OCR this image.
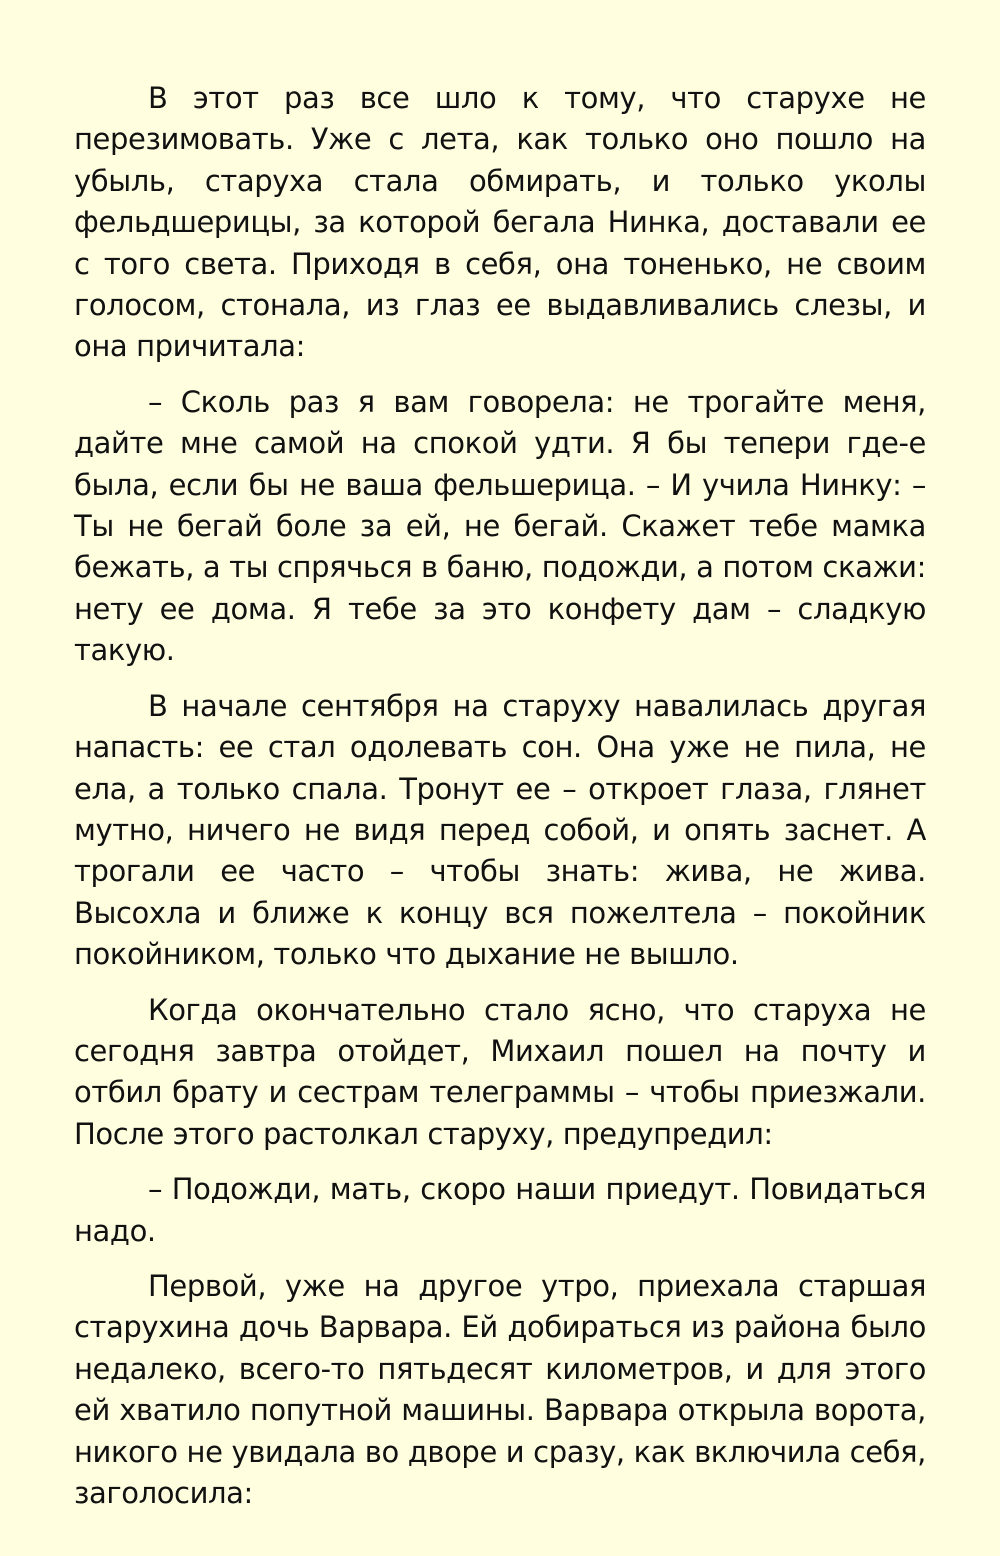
В этот раз все шло к тому, что старухе не перезимовать. Уже с лета, как только оно пошло на убыль, старуха стала обмирать, и только уколы фельдшерицы, за которой бегала Нинка, доставали ее с того света. Приходя в себя, она тоненько, не своим голосом, стонала, из глаз ее выдавливались слезы, и она причитала:

– Сколь раз я вам говорела: не трогайте меня, дайте мне самой на спокой удти. Я бы тепери где-е была, если бы не ваша фельшерица. – И учила Нинку: – Ты не бегай боле за ей, не бегай. Скажет тебе мамка бежать, а ты спрячься в баню, подожди, а потом скажи: нету ее дома. Я тебе за это конфету дам – сладкую такую.

В начале сентября на старуху навалилась другая напасть: ее стал одолевать сон. Она уже не пила, не ела, а только спала. Тронут ее – откроет глаза, глянет мутно, ничего не видя перед собой, и опять заснет. А трогали ее часто – чтобы знать: жива, не жива. Высохла и ближе к концу вся пожелтела – покойник покойником, только что дыхание не вышло.

Когда окончательно стало ясно, что старуха не сегодня завтра отойдет, Михаил пошел на почту и отбил брату и сестрам телеграммы – чтобы приезжали. После этого растолкал старуху, предупредил:

– Подожди, мать, скоро наши приедут. Повидаться надо.

Первой, уже на другое утро, приехала старшая старухина дочь Варвара. Ей добираться из района было недалеко, всего-то пятьдесят километров, и для этого ей хватило попутной машины. Варвара открыла ворота, никого не увидала во дворе и сразу, как включила себя, заголосила:
